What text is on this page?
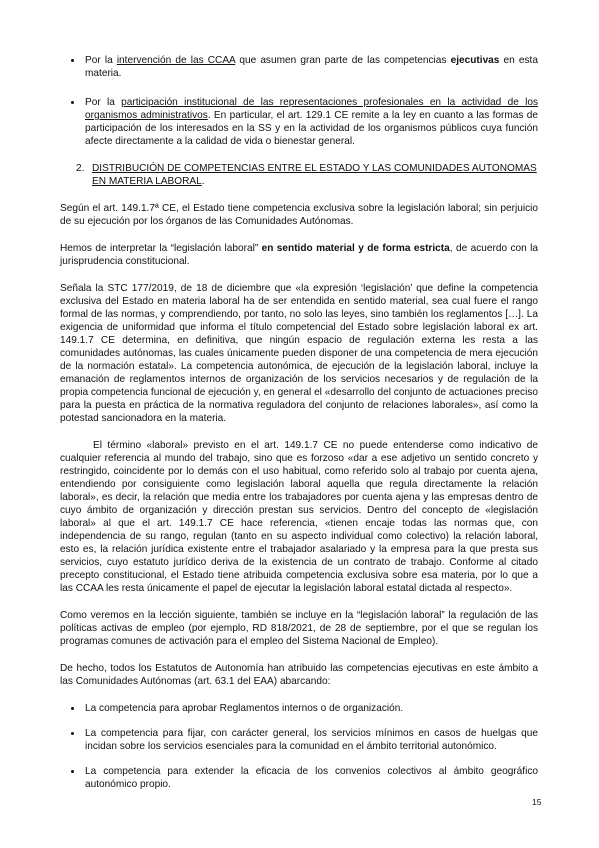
Por la intervención de las CCAA que asumen gran parte de las competencias ejecutivas en esta materia.
Por la participación institucional de las representaciones profesionales en la actividad de los organismos administrativos. En particular, el art. 129.1 CE remite a la ley en cuanto a las formas de participación de los interesados en la SS y en la actividad de los organismos públicos cuya función afecte directamente a la calidad de vida o bienestar general.
2. DISTRIBUCIÓN DE COMPETENCIAS ENTRE EL ESTADO Y LAS COMUNIDADES AUTONOMAS EN MATERIA LABORAL.

Según el art. 149.1.7ª CE, el Estado tiene competencia exclusiva sobre la legislación laboral; sin perjuicio de su ejecución por los órganos de las Comunidades Autónomas.

Hemos de interpretar la “legislación laboral” en sentido material y de forma estricta, de acuerdo con la jurisprudencia constitucional.

Señala la STC 177/2019, de 18 de diciembre que «la expresión ‘legislación’ que define la competencia exclusiva del Estado en materia laboral ha de ser entendida en sentido material, sea cual fuere el rango formal de las normas, y comprendiendo, por tanto, no solo las leyes, sino también los reglamentos […]. La exigencia de uniformidad que informa el título competencial del Estado sobre legislación laboral ex art. 149.1.7 CE determina, en definitiva, que ningún espacio de regulación externa les resta a las comunidades autónomas, las cuales únicamente pueden disponer de una competencia de mera ejecución de la normación estatal». La competencia autonómica, de ejecución de la legislación laboral, incluye la emanación de reglamentos internos de organización de los servicios necesarios y de regulación de la propia competencia funcional de ejecución y, en general el «desarrollo del conjunto de actuaciones preciso para la puesta en práctica de la normativa reguladora del conjunto de relaciones laborales», así como la potestad sancionadora en la materia.

El término «laboral» previsto en el art. 149.1.7 CE no puede entenderse como indicativo de cualquier referencia al mundo del trabajo, sino que es forzoso «dar a ese adjetivo un sentido concreto y restringido, coincidente por lo demás con el uso habitual, como referido solo al trabajo por cuenta ajena, entendiendo por consiguiente como legislación laboral aquella que regula directamente la relación laboral», es decir, la relación que media entre los trabajadores por cuenta ajena y las empresas dentro de cuyo ámbito de organización y dirección prestan sus servicios. Dentro del concepto de «legislación laboral» al que el art. 149.1.7 CE hace referencia, «tienen encaje todas las normas que, con independencia de su rango, regulan (tanto en su aspecto individual como colectivo) la relación laboral, esto es, la relación jurídica existente entre el trabajador asalariado y la empresa para la que presta sus servicios, cuyo estatuto jurídico deriva de la existencia de un contrato de trabajo. Conforme al citado precepto constitucional, el Estado tiene atribuida competencia exclusiva sobre esa materia, por lo que a las CCAA les resta únicamente el papel de ejecutar la legislación laboral estatal dictada al respecto».

Como veremos en la lección siguiente, también se incluye en la “legislación laboral” la regulación de las políticas activas de empleo (por ejemplo, RD 818/2021, de 28 de septiembre, por el que se regulan los programas comunes de activación para el empleo del Sistema Nacional de Empleo).

De hecho, todos los Estatutos de Autonomía han atribuido las competencias ejecutivas en este ámbito a las Comunidades Autónomas (art. 63.1 del EAA) abarcando:

La competencia para aprobar Reglamentos internos o de organización.
La competencia para fijar, con carácter general, los servicios mínimos en casos de huelgas que incidan sobre los servicios esenciales para la comunidad en el ámbito territorial autonómico.
La competencia para extender la eficacia de los convenios colectivos al ámbito geográfico autonómico propio.
15
